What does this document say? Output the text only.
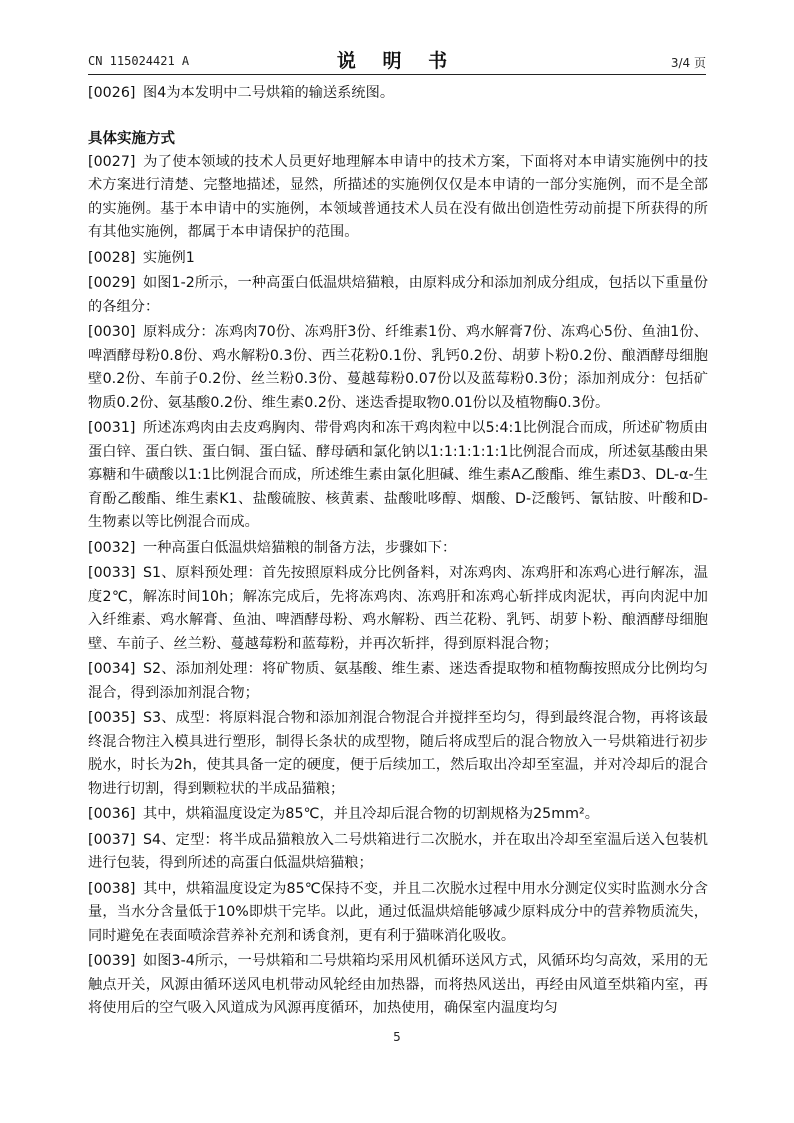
CN 115024421 A	说 明 书	3/4 页

[0026] 图4为本发明中二号烘箱的输送系统图。

具体实施方式

[0027] 为了使本领域的技术人员更好地理解本申请中的技术方案，下面将对本申请实施例中的技术方案进行清楚、完整地描述，显然，所描述的实施例仅仅是本申请的一部分实施例，而不是全部的实施例。基于本申请中的实施例，本领域普通技术人员在没有做出创造性劳动前提下所获得的所有其他实施例，都属于本申请保护的范围。

[0028] 实施例1

[0029] 如图1-2所示，一种高蛋白低温烘焙猫粮，由原料成分和添加剂成分组成，包括以下重量份的各组分：

[0030] 原料成分：冻鸡肉70份、冻鸡肝3份、纤维素1份、鸡水解膏7份、冻鸡心5份、鱼油1份、啤酒酵母粉0.8份、鸡水解粉0.3份、西兰花粉0.1份、乳钙0.2份、胡萝卜粉0.2份、酿酒酵母细胞壁0.2份、车前子0.2份、丝兰粉0.3份、蔓越莓粉0.07份以及蓝莓粉0.3份；添加剂成分：包括矿物质0.2份、氨基酸0.2份、维生素0.2份、迷迭香提取物0.01份以及植物酶0.3份。

[0031] 所述冻鸡肉由去皮鸡胸肉、带骨鸡肉和冻干鸡肉粒中以5:4:1比例混合而成，所述矿物质由蛋白锌、蛋白铁、蛋白铜、蛋白锰、酵母硒和氯化钠以1:1:1:1:1:1比例混合而成，所述氨基酸由果寡糖和牛磺酸以1:1比例混合而成，所述维生素由氯化胆碱、维生素A乙酸酯、维生素D3、DL-α-生育酚乙酸酯、维生素K1、盐酸硫胺、核黄素、盐酸吡哆醇、烟酸、D-泛酸钙、氰钴胺、叶酸和D-生物素以等比例混合而成。

[0032] 一种高蛋白低温烘焙猫粮的制备方法，步骤如下：

[0033] S1、原料预处理：首先按照原料成分比例备料，对冻鸡肉、冻鸡肝和冻鸡心进行解冻，温度2℃，解冻时间10h；解冻完成后，先将冻鸡肉、冻鸡肝和冻鸡心斩拌成肉泥状，再向肉泥中加入纤维素、鸡水解膏、鱼油、啤酒酵母粉、鸡水解粉、西兰花粉、乳钙、胡萝卜粉、酿酒酵母细胞壁、车前子、丝兰粉、蔓越莓粉和蓝莓粉，并再次斩拌，得到原料混合物；

[0034] S2、添加剂处理：将矿物质、氨基酸、维生素、迷迭香提取物和植物酶按照成分比例均匀混合，得到添加剂混合物；

[0035] S3、成型：将原料混合物和添加剂混合物混合并搅拌至均匀，得到最终混合物，再将该最终混合物注入模具进行塑形，制得长条状的成型物，随后将成型后的混合物放入一号烘箱进行初步脱水，时长为2h，使其具备一定的硬度，便于后续加工，然后取出冷却至室温，并对冷却后的混合物进行切割，得到颗粒状的半成品猫粮；

[0036] 其中，烘箱温度设定为85℃，并且冷却后混合物的切割规格为25mm²。

[0037] S4、定型：将半成品猫粮放入二号烘箱进行二次脱水，并在取出冷却至室温后送入包装机进行包装，得到所述的高蛋白低温烘焙猫粮；

[0038] 其中，烘箱温度设定为85℃保持不变，并且二次脱水过程中用水分测定仪实时监测水分含量，当水分含量低于10%即烘干完毕。以此，通过低温烘焙能够减少原料成分中的营养物质流失，同时避免在表面喷涂营养补充剂和诱食剂，更有利于猫咪消化吸收。

[0039] 如图3-4所示，一号烘箱和二号烘箱均采用风机循环送风方式，风循环均匀高效，采用的无触点开关，风源由循环送风电机带动风轮经由加热器，而将热风送出，再经由风道至烘箱内室，再将使用后的空气吸入风道成为风源再度循环，加热使用，确保室内温度均匀

5
